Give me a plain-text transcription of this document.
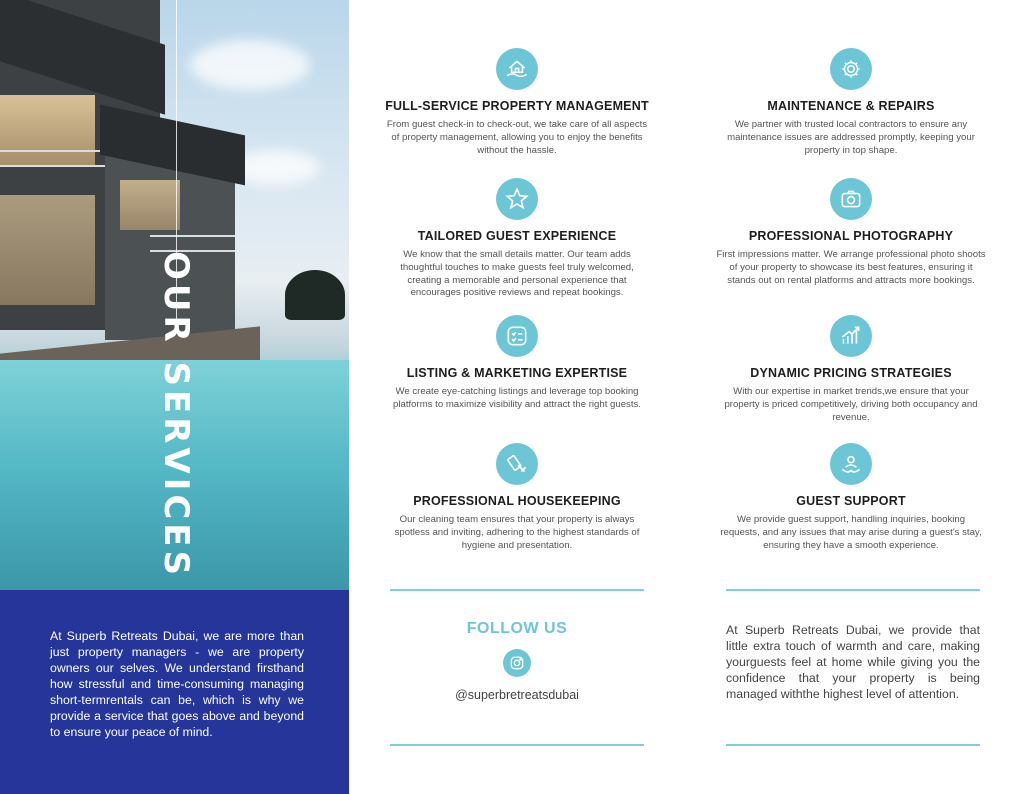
OUR SERVICES

At Superb Retreats Dubai, we are more than just property managers - we are property owners our selves. We understand firsthand how stressful and time-consuming managing short-termrentals can be, which is why we provide a service that goes above and beyond to ensure your peace of mind.

FULL-SERVICE PROPERTY MANAGEMENT

From guest check-in to check-out, we take care of all aspects of property management, allowing you to enjoy the benefits without the hassle.

TAILORED GUEST EXPERIENCE

We know that the small details matter. Our team adds thoughtful touches to make guests feel truly welcomed, creating a memorable and personal experience that encourages positive reviews and repeat bookings.

LISTING & MARKETING EXPERTISE

We create eye-catching listings and leverage top booking platforms to maximize visibility and attract the right guests.

PROFESSIONAL HOUSEKEEPING

Our cleaning team ensures that your property is always spotless and inviting, adhering to the highest standards of hygiene and presentation.

MAINTENANCE & REPAIRS

We partner with trusted local contractors to ensure any maintenance issues are addressed promptly, keeping your property in top shape.

PROFESSIONAL PHOTOGRAPHY

First impressions matter. We arrange professional photo shoots of your property to showcase its best features, ensuring it stands out on rental platforms and attracts more bookings.

DYNAMIC PRICING STRATEGIES

With our expertise in market trends,we ensure that your property is priced competitively, driving both occupancy and revenue.

GUEST SUPPORT

We provide guest support, handling inquiries, booking requests, and any issues that may arise during a guest's stay, ensuring they have a smooth experience.

FOLLOW US
@superbretreatsdubai

At Superb Retreats Dubai, we provide that little extra touch of warmth and care, making yourguests feel at home while giving you the confidence that your property is being managed withthe highest level of attention.
